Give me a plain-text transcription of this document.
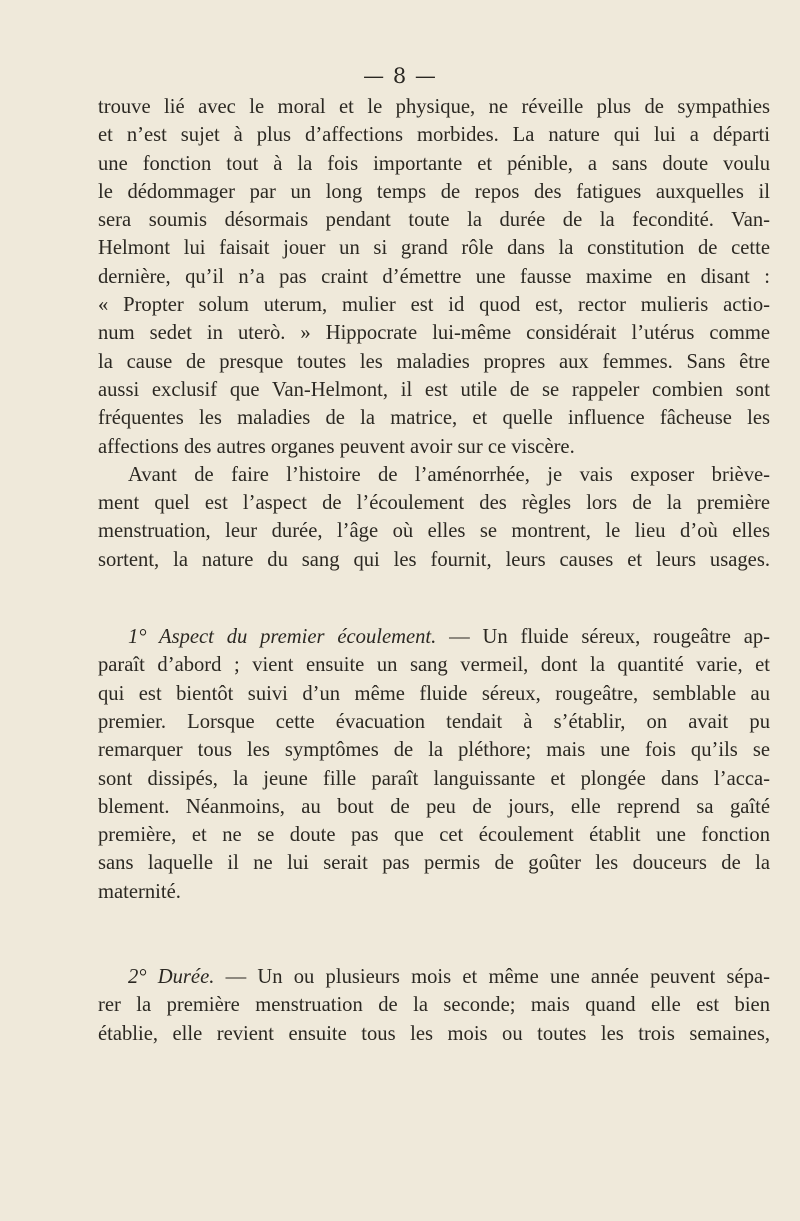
— 8 —
trouve lié avec le moral et le physique, ne réveille plus de sympathies
et n’est sujet à plus d’affections morbides. La nature qui lui a départi
une fonction tout à la fois importante et pénible, a sans doute voulu
le dédommager par un long temps de repos des fatigues auxquelles il
sera soumis désormais pendant toute la durée de la fecondité. Van-
Helmont lui faisait jouer un si grand rôle dans la constitution de cette
dernière, qu’il n’a pas craint d’émettre une fausse maxime en disant :
« Propter solum uterum, mulier est id quod est, rector mulieris actio-
num sedet in uterò. » Hippocrate lui-même considérait l’utérus comme
la cause de presque toutes les maladies propres aux femmes. Sans être
aussi exclusif que Van-Helmont, il est utile de se rappeler combien sont
fréquentes les maladies de la matrice, et quelle influence fâcheuse les
affections des autres organes peuvent avoir sur ce viscère.
Avant de faire l’histoire de l’aménorrhée, je vais exposer briève-
ment quel est l’aspect de l’écoulement des règles lors de la première
menstruation, leur durée, l’âge où elles se montrent, le lieu d’où elles
sortent, la nature du sang qui les fournit, leurs causes et leurs usages.
1° Aspect du premier écoulement. — Un fluide séreux, rougeâtre ap-
paraît d’abord ; vient ensuite un sang vermeil, dont la quantité varie, et
qui est bientôt suivi d’un même fluide séreux, rougeâtre, semblable au
premier. Lorsque cette évacuation tendait à s’établir, on avait pu
remarquer tous les symptômes de la pléthore; mais une fois qu’ils se
sont dissipés, la jeune fille paraît languissante et plongée dans l’acca-
blement. Néanmoins, au bout de peu de jours, elle reprend sa gaîté
première, et ne se doute pas que cet écoulement établit une fonction
sans laquelle il ne lui serait pas permis de goûter les douceurs de la
maternité.
2° Durée. — Un ou plusieurs mois et même une année peuvent sépa-
rer la première menstruation de la seconde; mais quand elle est bien
établie, elle revient ensuite tous les mois ou toutes les trois semaines,
